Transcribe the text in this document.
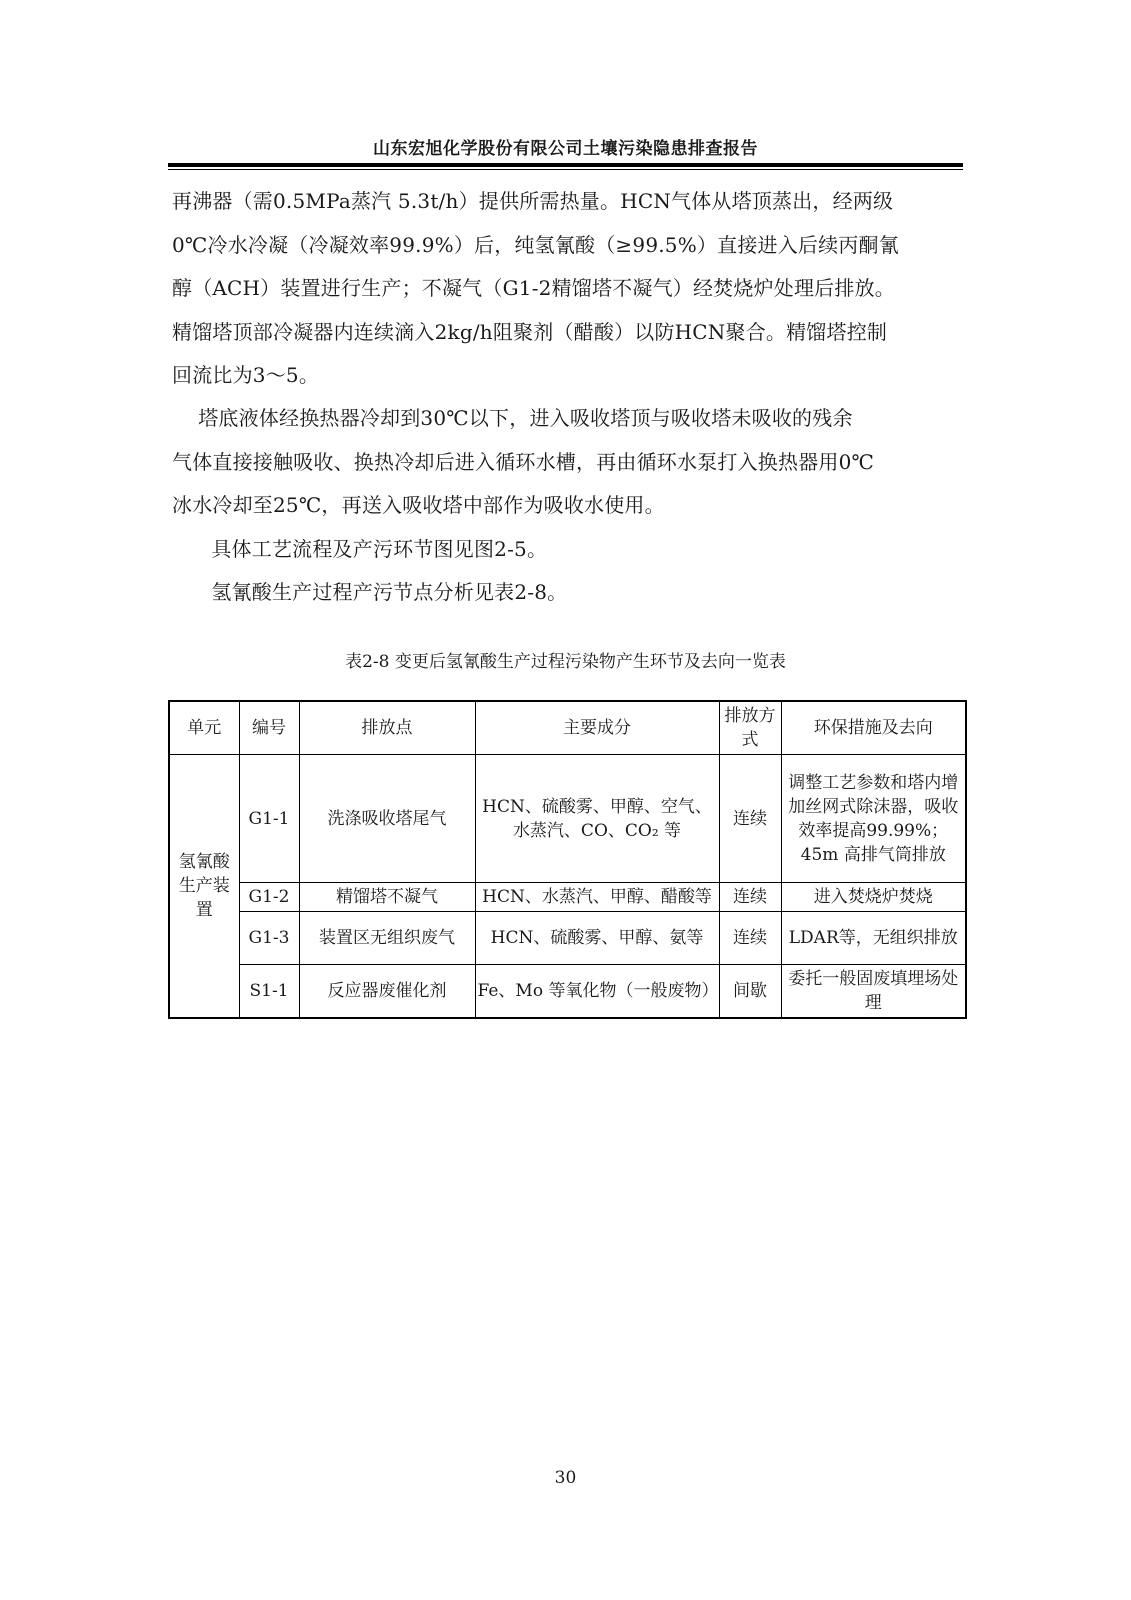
山东宏旭化学股份有限公司土壤污染隐患排查报告

再沸器（需0.5MPa蒸汽 5.3t/h）提供所需热量。HCN气体从塔顶蒸出，经两级

0℃冷水冷凝（冷凝效率99.9%）后，纯氢氰酸（≥99.5%）直接进入后续丙酮氰

醇（ACH）装置进行生产；不凝气（G1-2精馏塔不凝气）经焚烧炉处理后排放。

精馏塔顶部冷凝器内连续滴入2kg/h阻聚剂（醋酸）以防HCN聚合。精馏塔控制

回流比为3～5。

塔底液体经换热器冷却到30℃以下，进入吸收塔顶与吸收塔未吸收的残余

气体直接接触吸收、换热冷却后进入循环水槽，再由循环水泵打入换热器用0℃

冰水冷却至25℃，再送入吸收塔中部作为吸收水使用。

具体工艺流程及产污环节图见图2-5。

氢氰酸生产过程产污节点分析见表2-8。

表2-8 变更后氢氰酸生产过程污染物产生环节及去向一览表
单元	编号	排放点	主要成分	排放方式	环保措施及去向
氢氰酸生产装置	G1-1	洗涤吸收塔尾气	HCN、硫酸雾、甲醇、空气、水蒸汽、CO、CO₂ 等	连续	调整工艺参数和塔内增加丝网式除沫器，吸收效率提高99.99%；45m 高排气筒排放
	G1-2	精馏塔不凝气	HCN、水蒸汽、甲醇、醋酸等	连续	进入焚烧炉焚烧
	G1-3	装置区无组织废气	HCN、硫酸雾、甲醇、氨等	连续	LDAR等，无组织排放
	S1-1	反应器废催化剂	Fe、Mo 等氧化物（一般废物）	间歇	委托一般固废填埋场处理
30
